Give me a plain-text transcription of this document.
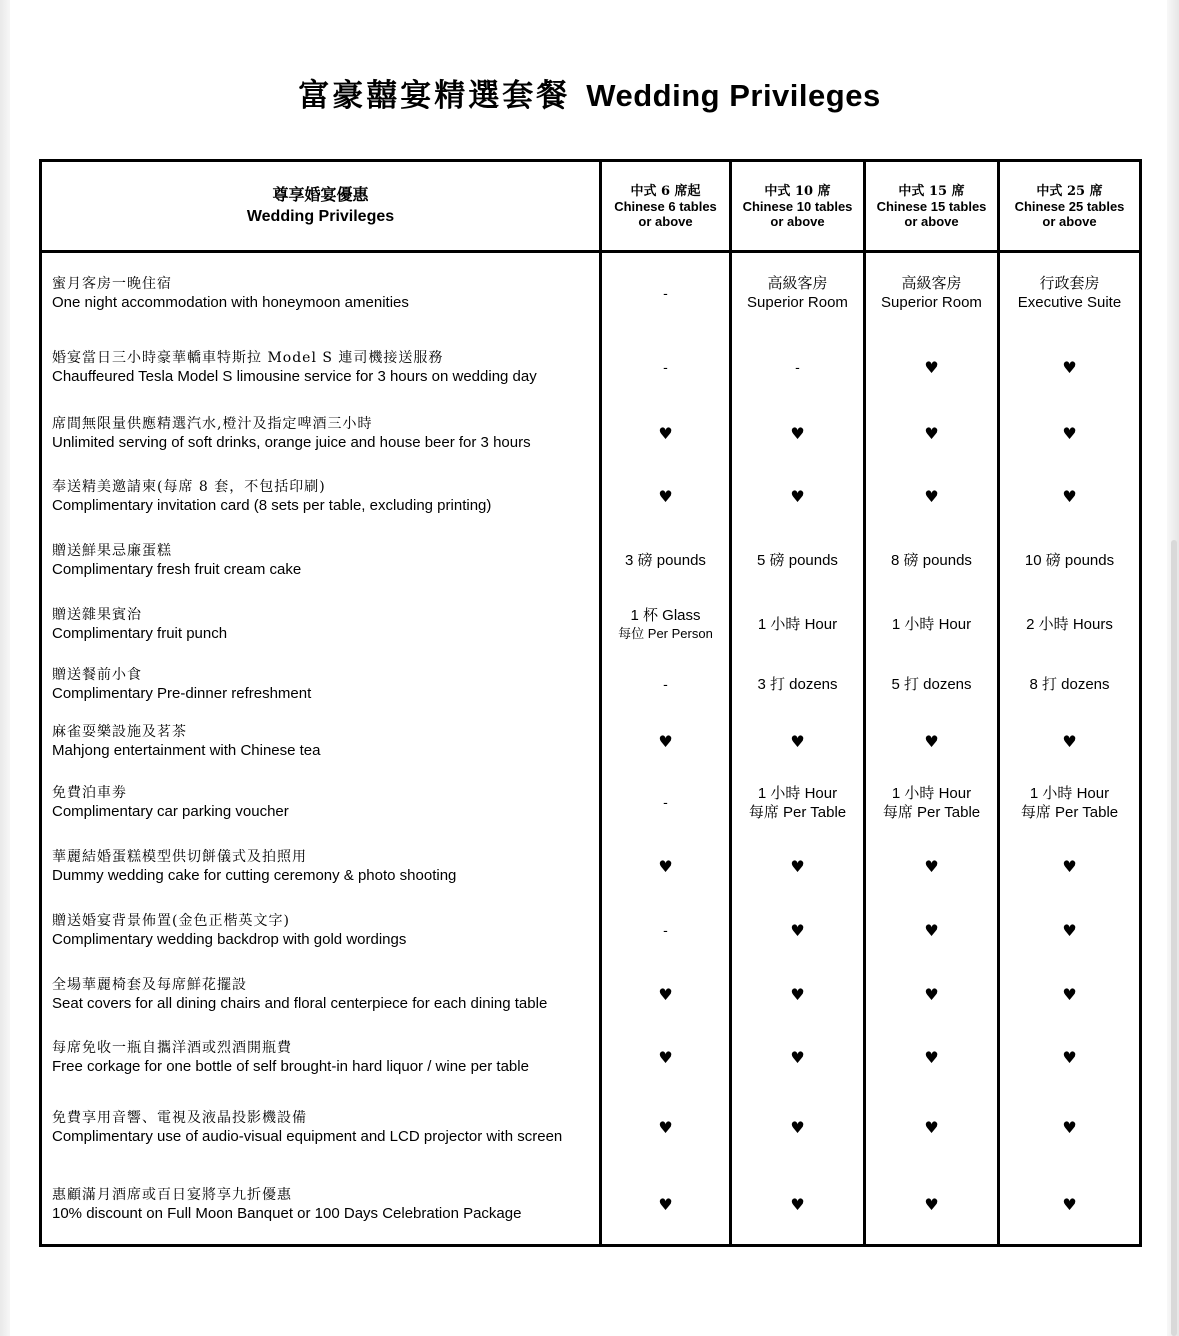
富豪囍宴精選套餐 Wedding Privileges
尊享婚宴優惠
Wedding Privileges	中式 6 席起
Chinese 6 tables
or above	中式 10 席
Chinese 10 tables
or above	中式 15 席
Chinese 15 tables
or above	中式 25 席
Chinese 25 tables
or above

蜜月客房一晚住宿
One night accommodation with honeymoon amenities	-	高級客房
Superior Room	高級客房
Superior Room	行政套房
Executive Suite

婚宴當日三小時豪華轎車特斯拉 Model S 連司機接送服務
Chauffeured Tesla Model S limousine service for 3 hours on wedding day	-	-	♥	♥

席間無限量供應精選汽水,橙汁及指定啤酒三小時
Unlimited serving of soft drinks, orange juice and house beer for 3 hours	♥	♥	♥	♥

奉送精美邀請柬(每席 8 套，不包括印刷)
Complimentary invitation card (8 sets per table, excluding printing)	♥	♥	♥	♥

贈送鮮果忌廉蛋糕
Complimentary fresh fruit cream cake	3 磅 pounds	5 磅 pounds	8 磅 pounds	10 磅 pounds

贈送雜果賓治
Complimentary fruit punch	1 杯 Glass
每位 Per Person	1 小時 Hour	1 小時 Hour	2 小時 Hours

贈送餐前小食
Complimentary Pre-dinner refreshment	-	3 打 dozens	5 打 dozens	8 打 dozens

麻雀耍樂設施及茗茶
Mahjong entertainment with Chinese tea	♥	♥	♥	♥

免費泊車劵
Complimentary car parking voucher	-	1 小時 Hour
每席 Per Table	1 小時 Hour
每席 Per Table	1 小時 Hour
每席 Per Table

華麗結婚蛋糕模型供切餅儀式及拍照用
Dummy wedding cake for cutting ceremony & photo shooting	♥	♥	♥	♥

贈送婚宴背景佈置(金色正楷英文字)
Complimentary wedding backdrop with gold wordings	-	♥	♥	♥

全場華麗椅套及每席鮮花擺設
Seat covers for all dining chairs and floral centerpiece for each dining table	♥	♥	♥	♥

每席免收一瓶自攜洋酒或烈酒開瓶費
Free corkage for one bottle of self brought-in hard liquor / wine per table	♥	♥	♥	♥

免費享用音響、電視及液晶投影機設備
Complimentary use of audio-visual equipment and LCD projector with screen	♥	♥	♥	♥

惠顧滿月酒席或百日宴將享九折優惠
10% discount on Full Moon Banquet or 100 Days Celebration Package	♥	♥	♥	♥
